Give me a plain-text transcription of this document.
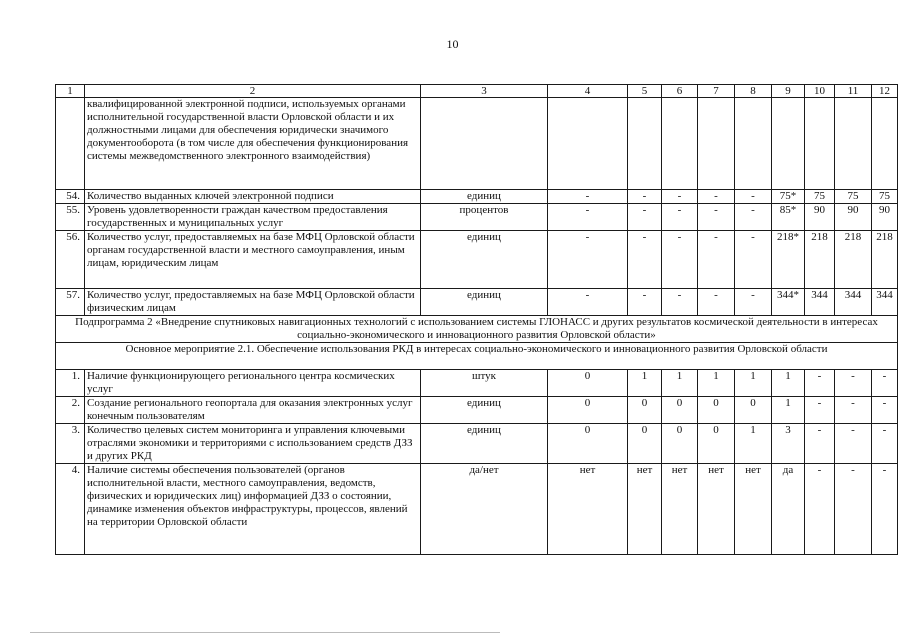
10
1	2	3	4	5	6	7	8	9	10	11	12
	квалифицированной электронной подписи, используемых органами исполнительной государственной власти Орловской области и их должностными лицами для обеспечения юридически значимого документооборота (в том числе для обеспечения функционирования системы межведомственного электронного взаимодействия)										
54.	Количество выданных ключей электронной подписи	единиц	-	-	-	-	-	75*	75	75	75
55.	Уровень удовлетворенности граждан качеством предоставления государственных и муниципальных услуг	процентов	-	-	-	-	-	85*	90	90	90
56.	Количество услуг, предоставляемых на базе МФЦ Орловской области органам государственной власти и местного самоуправления, иным лицам, юридическим лицам	единиц	-	-	-	-	-	218*	218	218	218
57.	Количество услуг, предоставляемых на базе МФЦ Орловской области физическим лицам	единиц	-	-	-	-	-	344*	344	344	344
Подпрограмма 2 «Внедрение спутниковых навигационных технологий с использованием системы ГЛОНАСС и других результатов космической деятельности в интересах социально-экономического и инновационного развития Орловской области»											
Основное мероприятие 2.1. Обеспечение использования РКД в интересах социально-экономического и инновационного развития Орловской области											
1.	Наличие функционирующего регионального центра космических услуг	штук	0	1	1	1	1	1	-	-	-
2.	Создание регионального геопортала для оказания электронных услуг конечным пользователям	единиц	0	0	0	0	0	1	-	-	-
3.	Количество целевых систем мониторинга и управления ключевыми отраслями экономики и территориями с использованием средств ДЗЗ и других РКД	единиц	0	0	0	0	1	3	-	-	-
4.	Наличие системы обеспечения пользователей (органов исполнительной власти, местного самоуправления, ведомств, физических и юридических лиц) информацией ДЗЗ о состоянии, динамике изменения объектов инфраструктуры, процессов, явлений на территории Орловской области	да/нет	нет	нет	нет	нет	нет	да	-	-	-
